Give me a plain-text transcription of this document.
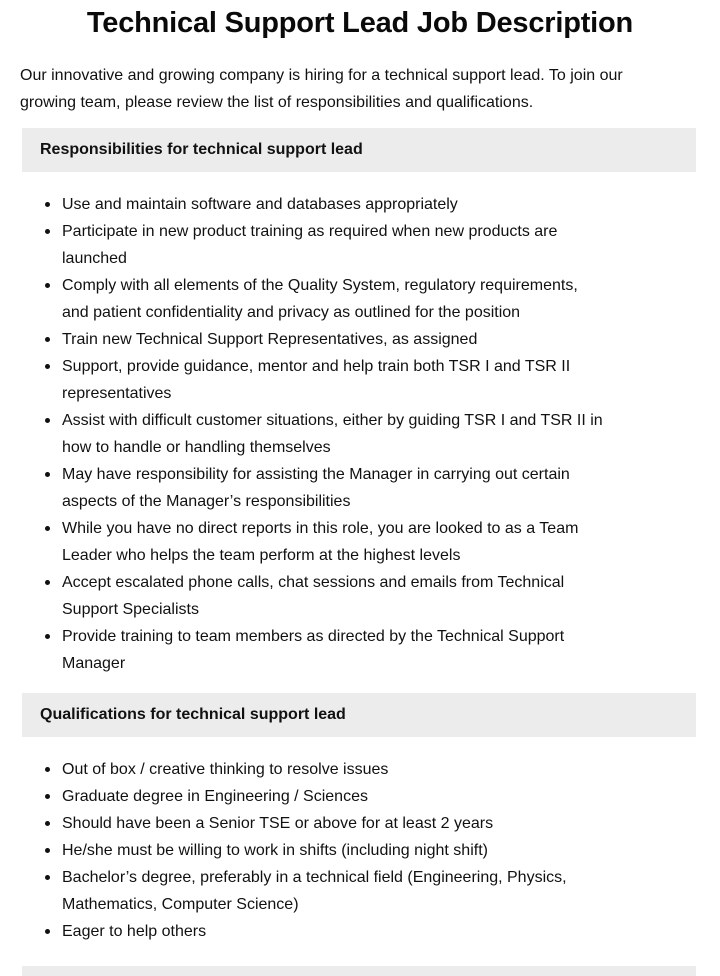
Technical Support Lead Job Description

Our innovative and growing company is hiring for a technical support lead. To join our growing team, please review the list of responsibilities and qualifications.

Responsibilities for technical support lead
Use and maintain software and databases appropriately
Participate in new product training as required when new products are launched
Comply with all elements of the Quality System, regulatory requirements, and patient confidentiality and privacy as outlined for the position
Train new Technical Support Representatives, as assigned
Support, provide guidance, mentor and help train both TSR I and TSR II representatives
Assist with difficult customer situations, either by guiding TSR I and TSR II in how to handle or handling themselves
May have responsibility for assisting the Manager in carrying out certain aspects of the Manager’s responsibilities
While you have no direct reports in this role, you are looked to as a Team Leader who helps the team perform at the highest levels
Accept escalated phone calls, chat sessions and emails from Technical Support Specialists
Provide training to team members as directed by the Technical Support Manager
Qualifications for technical support lead
Out of box / creative thinking to resolve issues
Graduate degree in Engineering / Sciences
Should have been a Senior TSE or above for at least 2 years
He/she must be willing to work in shifts (including night shift)
Bachelor’s degree, preferably in a technical field (Engineering, Physics, Mathematics, Computer Science)
Eager to help others
